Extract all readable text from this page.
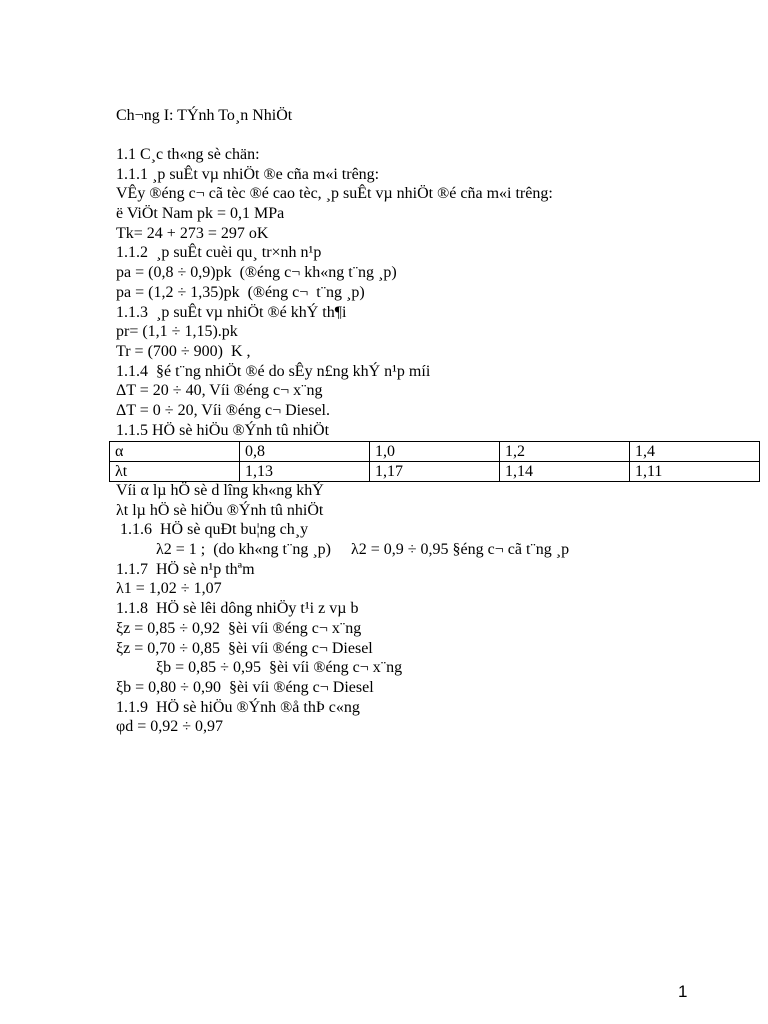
Ch¬ng I: TÝnh To¸n NhiÖt
1.1 C¸c th«ng sè chän:
1.1.1 ¸p suÊt vµ nhiÖt ®e cña m«i trêng:
VÊy ®éng c¬ cã tèc ®é cao tèc, ¸p suÊt vµ nhiÖt ®é cña m«i trêng:
ë ViÖt Nam pk = 0,1 MPa
Tk= 24 + 273 = 297 oK
1.1.2  ¸p suÊt cuèi qu¸ tr×nh n¹p
pa = (0,8 ÷ 0,9)pk  (®éng c¬ kh«ng t¨ng ¸p)
pa = (1,2 ÷ 1,35)pk  (®éng c¬  t¨ng ¸p)
1.1.3  ¸p suÊt vµ nhiÖt ®é khÝ th¶i
pr= (1,1 ÷ 1,15).pk
Tr = (700 ÷ 900)  K ,
1.1.4  §é t¨ng nhiÖt ®é do sÊy n£ng khÝ n¹p míi
ΔT = 20 ÷ 40, Víi ®éng c¬ x¨ng
ΔT = 0 ÷ 20, Víi ®éng c¬ Diesel.
1.1.5 HÖ sè hiÖu ®Ýnh tû nhiÖt
α	0,8	1,0	1,2	1,4
λt	1,13	1,17	1,14	1,11
Víi α lµ hÖ sè d lîng kh«ng khÝ
λt lµ hÖ sè hiÖu ®Ýnh tû nhiÖt
1.1.6  HÖ sè quÐt bu¦ng ch¸y
λ2 = 1 ;  (do kh«ng t¨ng ¸p)     λ2 = 0,9 ÷ 0,95 §éng c¬ cã t¨ng ¸p
1.1.7  HÖ sè n¹p thªm
λ1 = 1,02 ÷ 1,07
1.1.8  HÖ sè lêi dông nhiÖy t¹i z vµ b
ξz = 0,85 ÷ 0,92  §èi víi ®éng c¬ x¨ng
ξz = 0,70 ÷ 0,85  §èi víi ®éng c¬ Diesel
ξb = 0,85 ÷ 0,95  §èi víi ®éng c¬ x¨ng
ξb = 0,80 ÷ 0,90  §èi víi ®éng c¬ Diesel
1.1.9  HÖ sè hiÖu ®Ýnh ®å thÞ c«ng
φd = 0,92 ÷ 0,97
1
